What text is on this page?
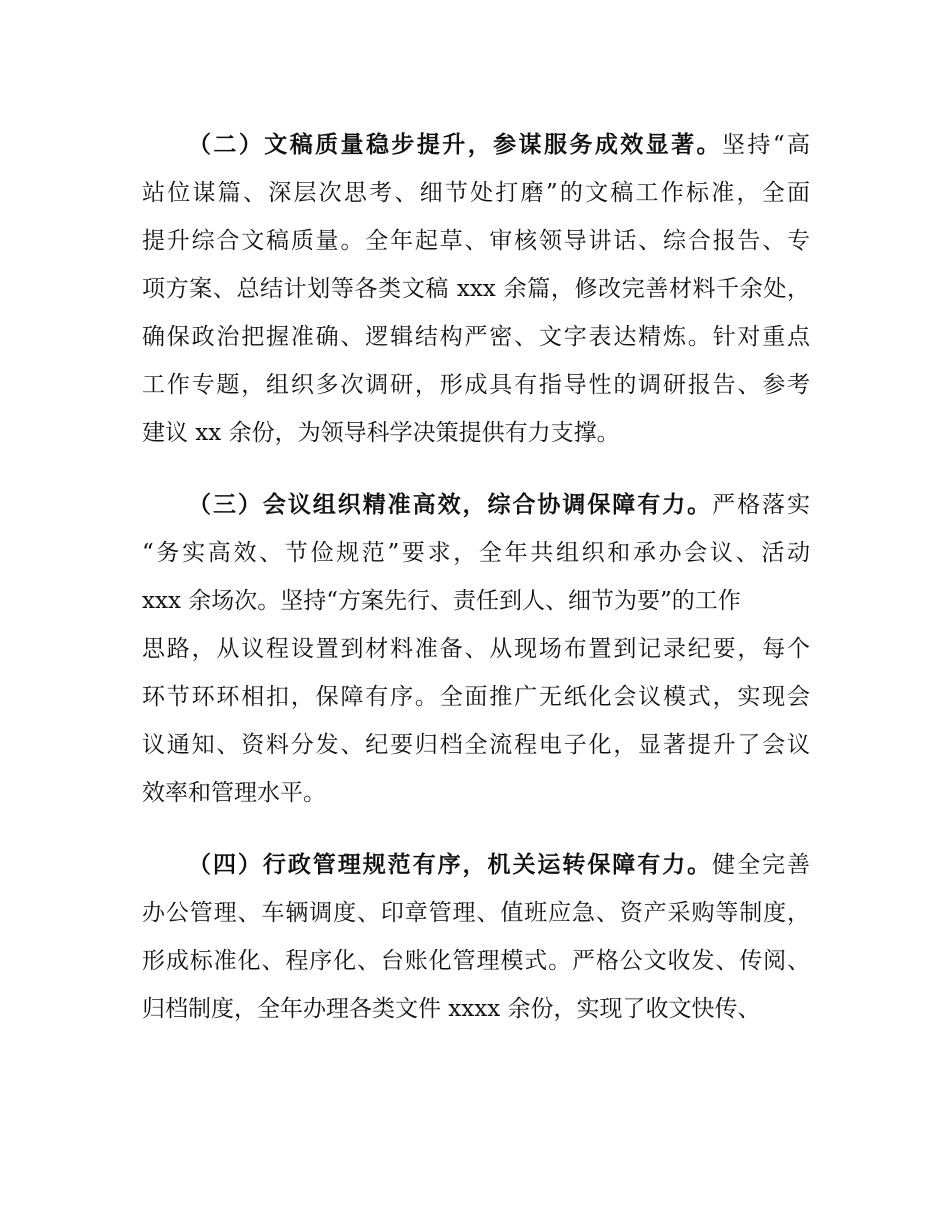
（二）文稿质量稳步提升，参谋服务成效显著。坚持“高
站位谋篇、深层次思考、细节处打磨”的文稿工作标准，全面
提升综合文稿质量。全年起草、审核领导讲话、综合报告、专
项方案、总结计划等各类文稿 xxx 余篇，修改完善材料千余处，
确保政治把握准确、逻辑结构严密、文字表达精炼。针对重点
工作专题，组织多次调研，形成具有指导性的调研报告、参考
建议 xx 余份，为领导科学决策提供有力支撑。
（三）会议组织精准高效，综合协调保障有力。严格落实
“务实高效、节俭规范”要求，全年共组织和承办会议、活动
xxx 余场次。坚持“方案先行、责任到人、细节为要”的工作
思路，从议程设置到材料准备、从现场布置到记录纪要，每个
环节环环相扣，保障有序。全面推广无纸化会议模式，实现会
议通知、资料分发、纪要归档全流程电子化，显著提升了会议
效率和管理水平。
（四）行政管理规范有序，机关运转保障有力。健全完善
办公管理、车辆调度、印章管理、值班应急、资产采购等制度，
形成标准化、程序化、台账化管理模式。严格公文收发、传阅、
归档制度，全年办理各类文件 xxxx 余份，实现了收文快传、
